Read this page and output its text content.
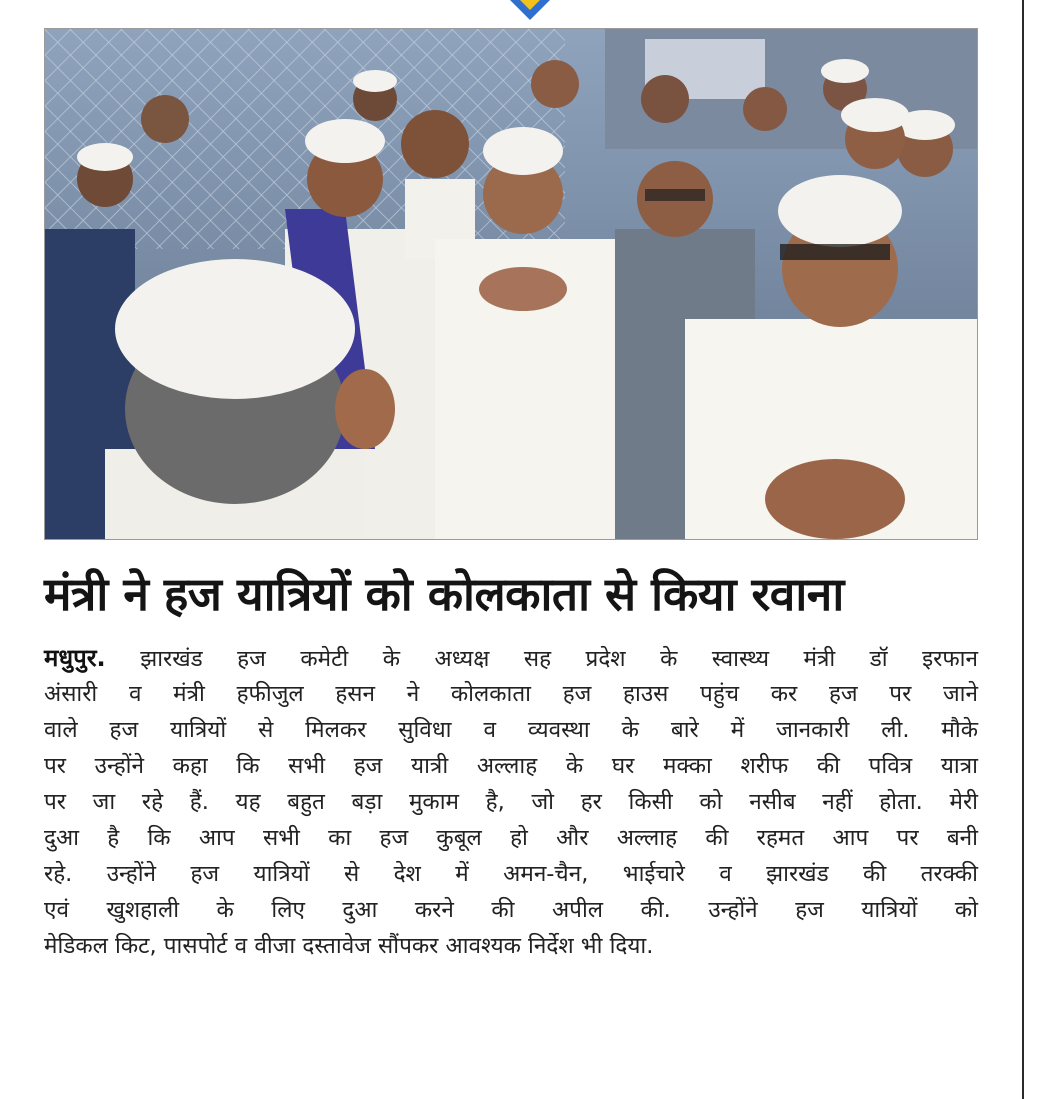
मंत्री ने हज यात्रियों को कोलकाता से किया रवाना
मधुपुर. झारखंड हज कमेटी के अध्यक्ष सह प्रदेश के स्वास्थ्य मंत्री डॉ इरफान
अंसारी व मंत्री हफीजुल हसन ने कोलकाता हज हाउस पहुंच कर हज पर जाने
वाले हज यात्रियों से मिलकर सुविधा व व्यवस्था के बारे में जानकारी ली. मौके
पर उन्होंने कहा कि सभी हज यात्री अल्लाह के घर मक्का शरीफ की पवित्र यात्रा
पर जा रहे हैं. यह बहुत बड़ा मुकाम है, जो हर किसी को नसीब नहीं होता. मेरी
दुआ है कि आप सभी का हज कुबूल हो और अल्लाह की रहमत आप पर बनी
रहे. उन्होंने हज यात्रियों से देश में अमन-चैन, भाईचारे व झारखंड की तरक्की
एवं खुशहाली के लिए दुआ करने की अपील की. उन्होंने हज यात्रियों को
मेडिकल किट, पासपोर्ट व वीजा दस्तावेज सौंपकर आवश्यक निर्देश भी दिया.
